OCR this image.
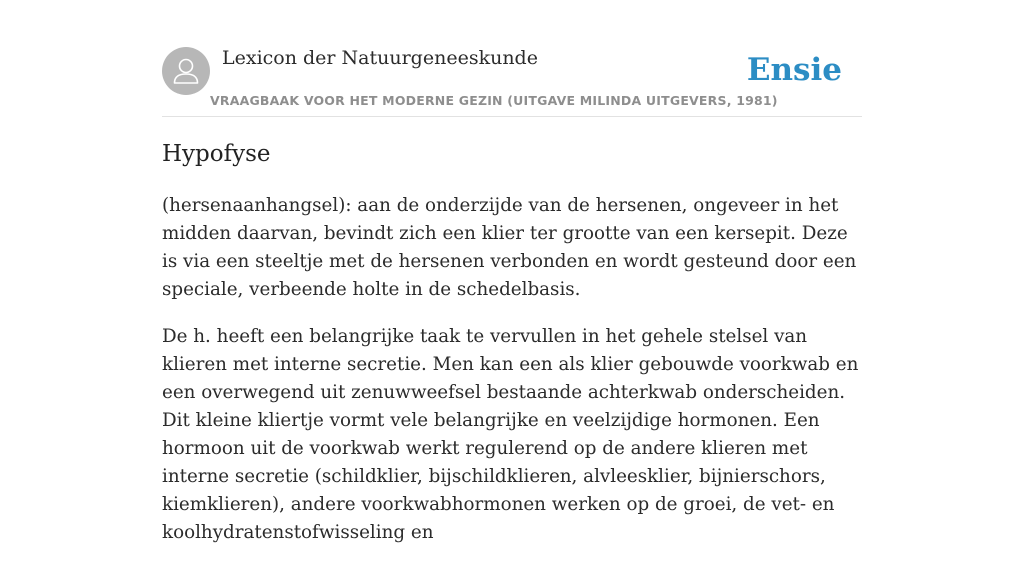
Lexicon der Natuurgeneeskunde
VRAAGBAAK VOOR HET MODERNE GEZIN (UITGAVE MILINDA UITGEVERS, 1981)
Ensie
Hypofyse

(hersenaanhangsel): aan de onderzijde van de hersenen, ongeveer in het midden daarvan, bevindt zich een klier ter grootte van een kersepit. Deze is via een steeltje met de hersenen verbonden en wordt gesteund door een speciale, verbeende holte in de schedelbasis.

De h. heeft een belangrijke taak te vervullen in het gehele stelsel van klieren met interne secretie. Men kan een als klier gebouwde voorkwab en een overwegend uit zenuwweefsel bestaande achterkwab onderscheiden. Dit kleine kliertje vormt vele belangrijke en veelzijdige hormonen. Een hormoon uit de voorkwab werkt regulerend op de andere klieren met interne secretie (schildklier, bijschildklieren, alvleesklier, bijnierschors, kiemklieren), andere voorkwabhormonen werken op de groei, de vet- en koolhydratenstofwisseling en
